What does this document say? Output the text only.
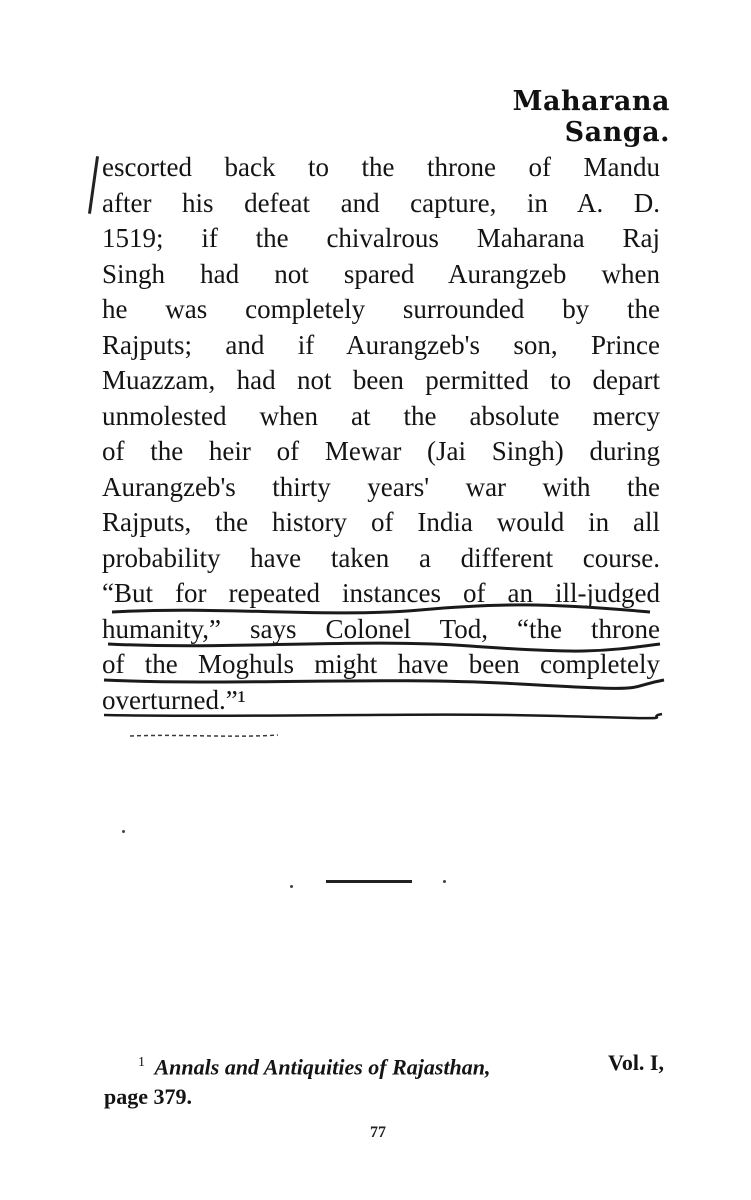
Maharana Sanga.
escorted back to the throne of Mandu
after his defeat and capture, in A. D.
1519; if the chivalrous Maharana Raj
Singh had not spared Aurangzeb when
he was completely surrounded by the
Rajputs; and if Aurangzeb's son, Prince
Muazzam, had not been permitted to depart
unmolested when at the absolute mercy
of the heir of Mewar (Jai Singh) during
Aurangzeb's thirty years' war with the
Rajputs, the history of India would in all
probability have taken a different course.
“But for repeated instances of an ill-judged
humanity,” says Colonel Tod, “the throne
of the Moghuls might have been completely
overturned.”¹
$^1$ Annals and Antiquities of Rajasthan,	Vol. I,
page 379.
77
